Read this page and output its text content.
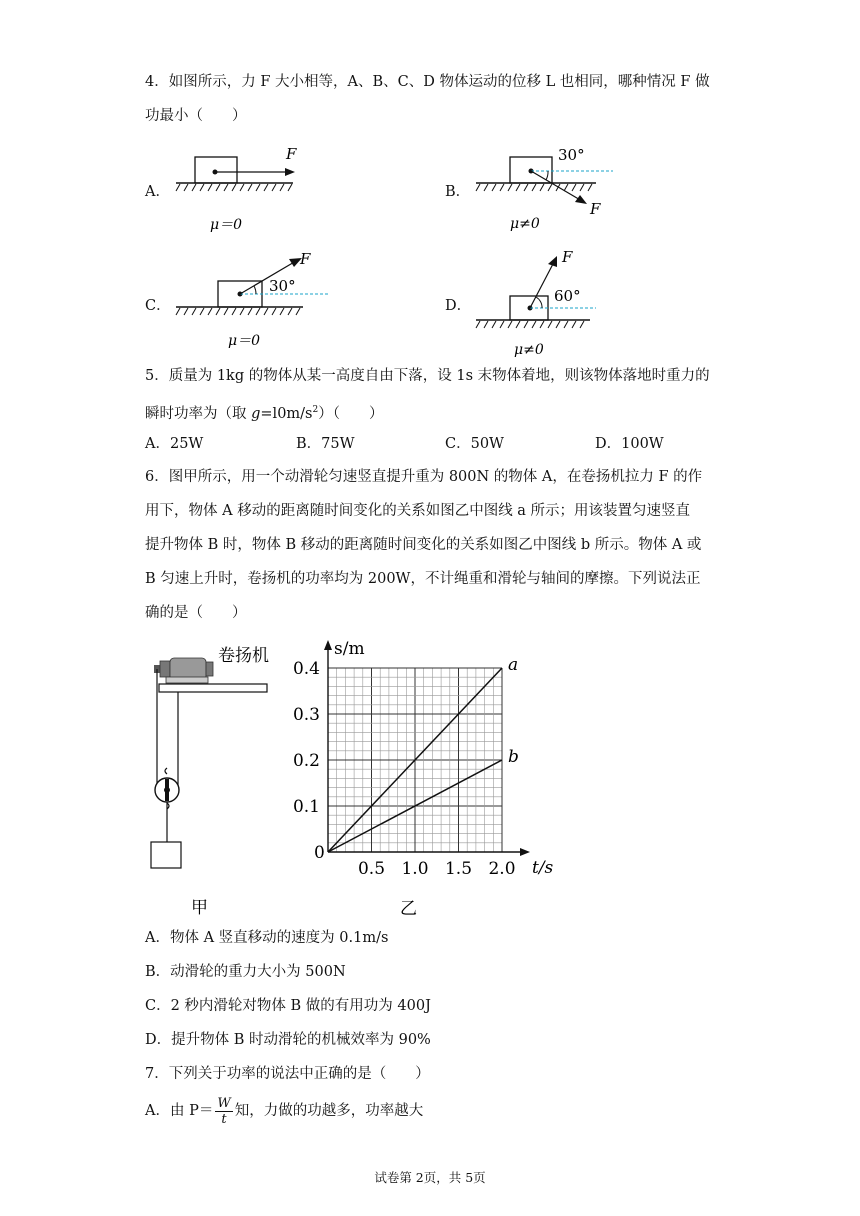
4．如图所示，力 F 大小相等，A、B、C、D 物体运动的位移 L 也相同，哪种情况 F 做
功最小（　　）
A．
F
μ＝0
B．
30°
F
μ≠0
C．
30°
F
μ＝0
D．
60°
F
μ≠0
5．质量为 1kg 的物体从某一高度自由下落，设 1s 末物体着地，则该物体落地时重力的
瞬时功率为（取 $g=l0m/s^2$）（　　）
A．25W	B．75W	C．50W	D．100W
6．图甲所示，用一个动滑轮匀速竖直提升重为 800N 的物体 A，在卷扬机拉力 F 的作
用下，物体 A 移动的距离随时间变化的关系如图乙中图线 a 所示；用该装置匀速竖直
提升物体 B 时，物体 B 移动的距离随时间变化的关系如图乙中图线 b 所示。物体 A 或
B 匀速上升时，卷扬机的功率均为 200W，不计绳重和滑轮与轴间的摩擦。下列说法正
确的是（　　）
卷扬机
甲
s/m
t/s
0
0.5 1.0 1.5 2.0
0.1
0.2
0.3
0.4	a
b
乙
A．物体 A 竖直移动的速度为 0.1m/s
B．动滑轮的重力大小为 500N
C．2 秒内滑轮对物体 B 做的有用功为 400J
D．提升物体 B 时动滑轮的机械效率为 90%
7．下列关于功率的说法中正确的是（　　）
A．由 $P= \frac{W}{t}$ 知，力做的功越多，功率越大
试卷第 2页，共 5页
